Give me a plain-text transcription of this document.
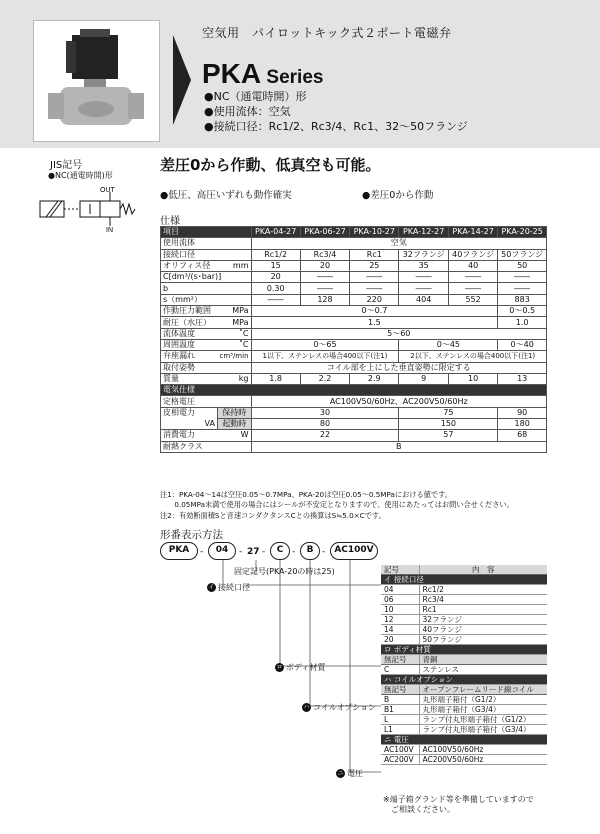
空気用　パイロットキック式２ポート電磁弁
PKA Series
●NC（通電時開）形
●使用流体：空気
●接続口径：Rc1/2、Rc3/4、Rc1、32～50フランジ
JIS記号
●NC(通電時開)形
OUT
IN
差圧0から作動、低真空も可能。
●低圧、高圧いずれも動作確実	●差圧0から作動
仕様
項目		PKA-04-27	PKA-06-27	PKA-10-27	PKA-12-27	PKA-14-27	PKA-20-25
使用流体		空気					
接続口径		Rc1/2	Rc3/4	Rc1	32フランジ	40フランジ	50フランジ
オリフィス径	mm	15	20	25	35	40	50
C[dm³/(s･bar)]		20	――	――	――	――	――
b		0.30	――	――	――	――	――
s（mm²）		――	128	220	404	552	883
作動圧力範囲	MPa	0～0.7					0～0.5
耐圧（水圧）	MPa	1.5					1.0
流体温度	˚C	5～60					
周囲温度	˚C	0～65			0～45		0～40
弁座漏れ	cm³/min	1以下、ステンレスの場合400以下(注1)			2以下、ステンレスの場合400以下(注1)		
取付姿勢		コイル部を上にした垂直姿勢に限定する					
質量	kg	1.8	2.2	2.9	9	10	13
電気仕様							
定格電圧		AC100V50/60Hz、AC200V50/60Hz					
皮相電力	保持時	30			75		90
VA	起動時	80			150		180
消費電力	W	22			57		68
耐熱クラス		B					
注1：PKA-04～14は空圧0.05～0.7MPa、PKA-20は空圧0.05～0.5MPaにおける値です。
　　0.05MPa未満で使用の場合にはシールが不安定となりますので、使用にあたってはお問い合せください。
注2：有効断面積Sと音速コンダクタンスCとの換算はS≒5.0×Cです。
形番表示方法
PKA	-	04	- 27 -	C -	B -	AC100V
固定記号(PKA-20の時は25)
イ 接続口径
ロ ボディ材質
ハ コイルオプション
ニ 電圧
記号	内　容
イ 接続口径	
04	Rc1/2
06	Rc3/4
10	Rc1
12	32フランジ
14	40フランジ
20	50フランジ
ロ ボディ材質	
無記号	青銅
C	ステンレス
ハ コイルオプション	
無記号	オープンフレームリード線コイル
B	丸形端子箱付（G1/2）
B1	丸形端子箱付（G3/4）
L	ランプ付丸形端子箱付（G1/2）
L1	ランプ付丸形端子箱付（G3/4）
ニ 電圧	
AC100V	AC100V50/60Hz
AC200V	AC200V50/60Hz
※端子箱グランド等を準備していますので
　ご相談ください。
